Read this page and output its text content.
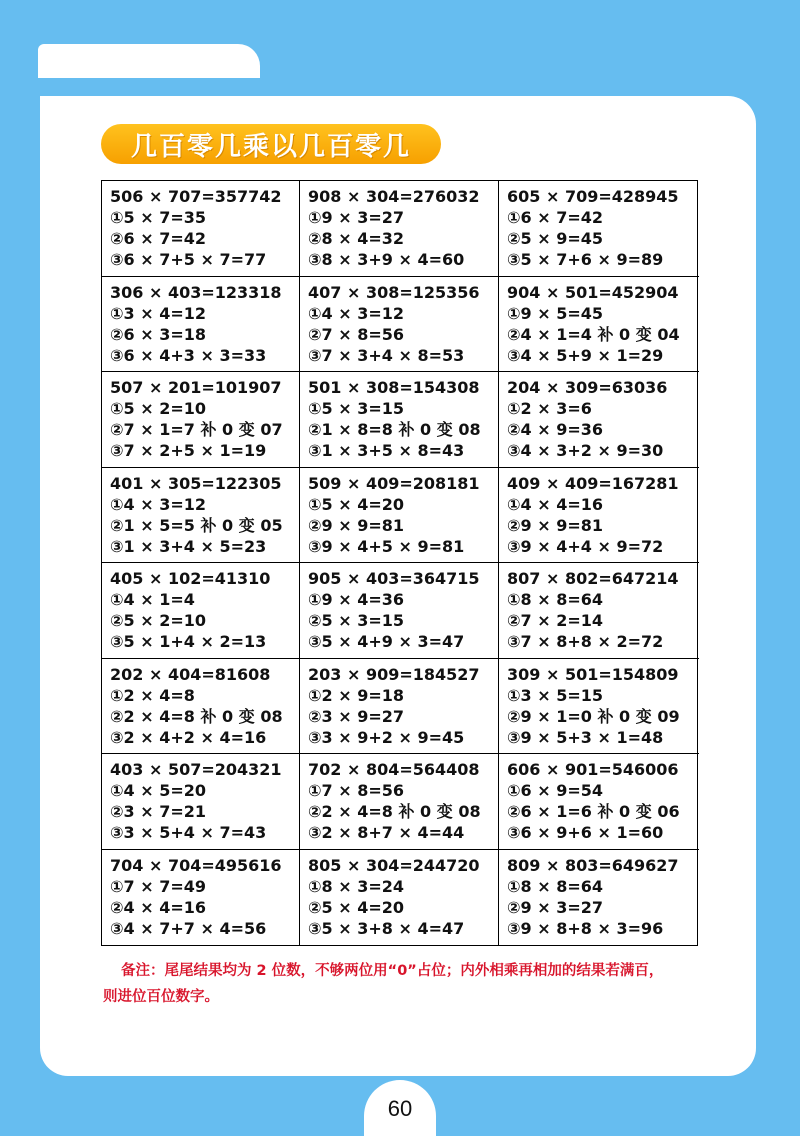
几百零几乘以几百零几
506 × 707=357742
①5 × 7=35
②6 × 7=42
③6 × 7+5 × 7=77
908 × 304=276032
①9 × 3=27
②8 × 4=32
③8 × 3+9 × 4=60
605 × 709=428945
①6 × 7=42
②5 × 9=45
③5 × 7+6 × 9=89
306 × 403=123318
①3 × 4=12
②6 × 3=18
③6 × 4+3 × 3=33
407 × 308=125356
①4 × 3=12
②7 × 8=56
③7 × 3+4 × 8=53
904 × 501=452904
①9 × 5=45
②4 × 1=4 补 0 变 04
③4 × 5+9 × 1=29
507 × 201=101907
①5 × 2=10
②7 × 1=7 补 0 变 07
③7 × 2+5 × 1=19
501 × 308=154308
①5 × 3=15
②1 × 8=8 补 0 变 08
③1 × 3+5 × 8=43
204 × 309=63036
①2 × 3=6
②4 × 9=36
③4 × 3+2 × 9=30
401 × 305=122305
①4 × 3=12
②1 × 5=5 补 0 变 05
③1 × 3+4 × 5=23
509 × 409=208181
①5 × 4=20
②9 × 9=81
③9 × 4+5 × 9=81
409 × 409=167281
①4 × 4=16
②9 × 9=81
③9 × 4+4 × 9=72
405 × 102=41310
①4 × 1=4
②5 × 2=10
③5 × 1+4 × 2=13
905 × 403=364715
①9 × 4=36
②5 × 3=15
③5 × 4+9 × 3=47
807 × 802=647214
①8 × 8=64
②7 × 2=14
③7 × 8+8 × 2=72
202 × 404=81608
①2 × 4=8
②2 × 4=8 补 0 变 08
③2 × 4+2 × 4=16
203 × 909=184527
①2 × 9=18
②3 × 9=27
③3 × 9+2 × 9=45
309 × 501=154809
①3 × 5=15
②9 × 1=0 补 0 变 09
③9 × 5+3 × 1=48
403 × 507=204321
①4 × 5=20
②3 × 7=21
③3 × 5+4 × 7=43
702 × 804=564408
①7 × 8=56
②2 × 4=8 补 0 变 08
③2 × 8+7 × 4=44
606 × 901=546006
①6 × 9=54
②6 × 1=6 补 0 变 06
③6 × 9+6 × 1=60
704 × 704=495616
①7 × 7=49
②4 × 4=16
③4 × 7+7 × 4=56
805 × 304=244720
①8 × 3=24
②5 × 4=20
③5 × 3+8 × 4=47
809 × 803=649627
①8 × 8=64
②9 × 3=27
③9 × 8+8 × 3=96
备注：尾尾结果均为 2 位数，不够两位用“0”占位；内外相乘再相加的结果若满百，
则进位百位数字。
60
